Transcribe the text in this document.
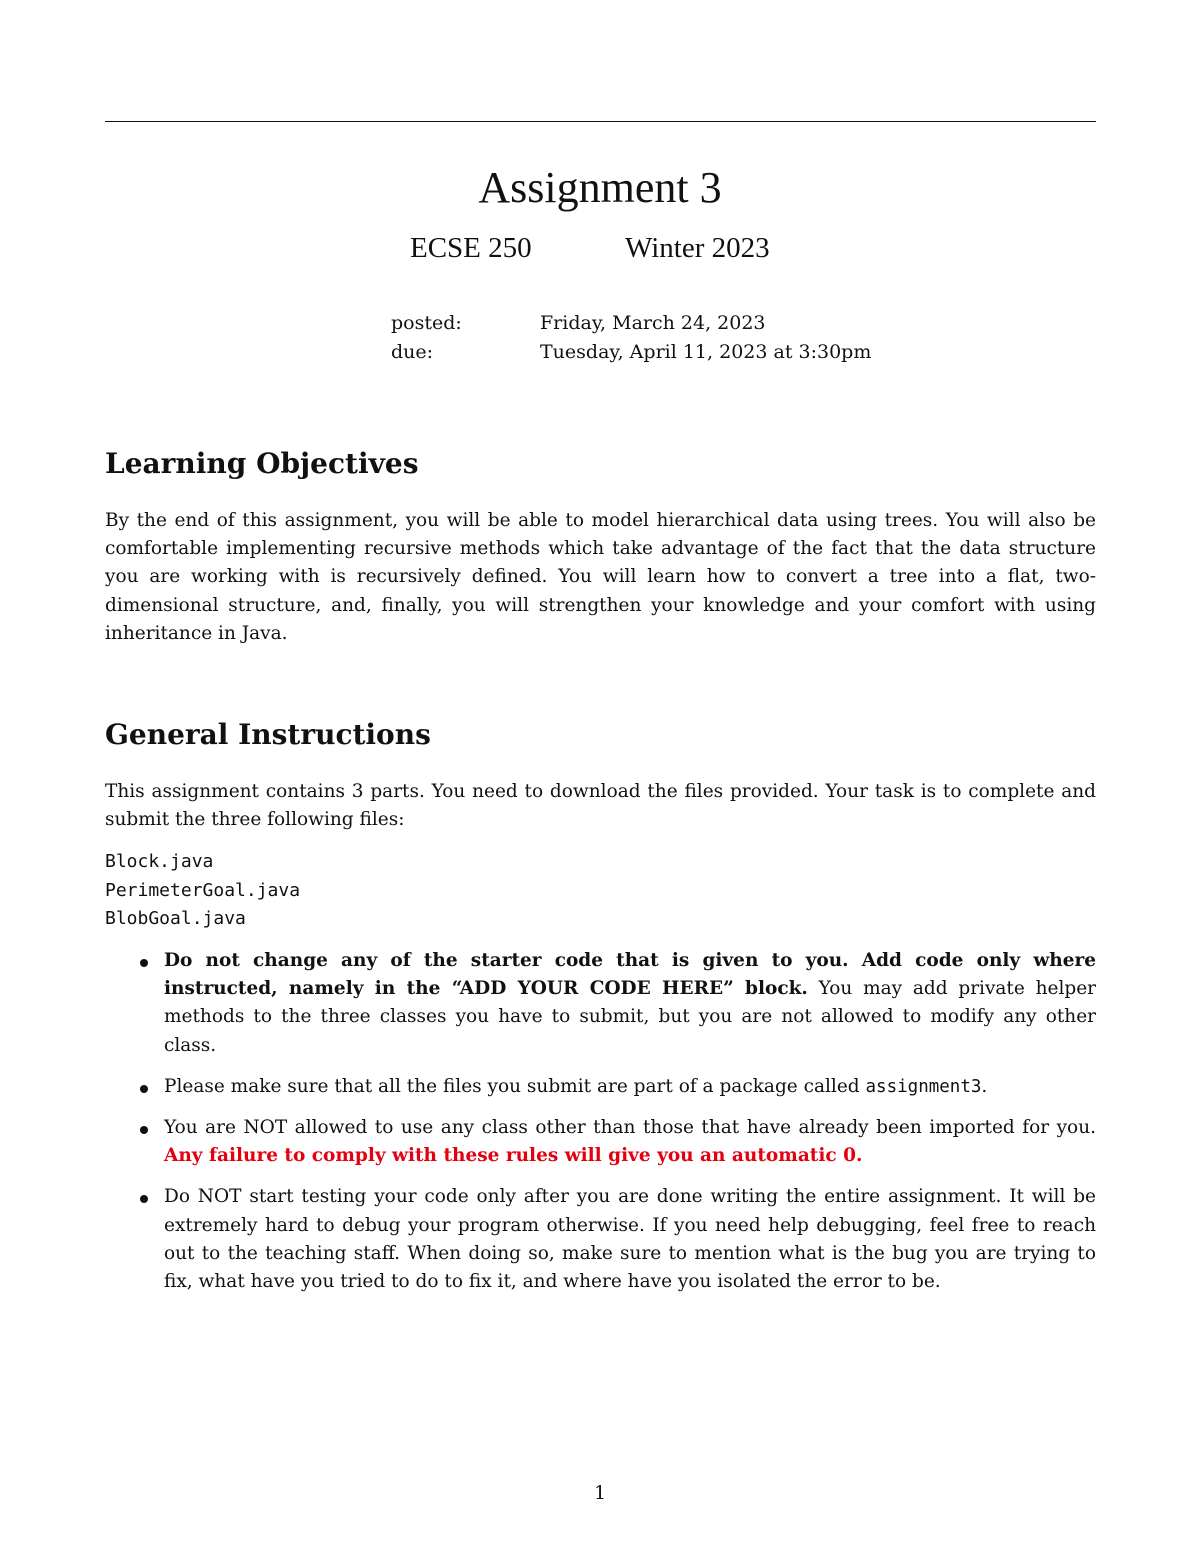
Assignment 3
ECSE 250	Winter 2023
posted:	Friday, March 24, 2023
due:	Tuesday, April 11, 2023 at 3:30pm
Learning Objectives

By the end of this assignment, you will be able to model hierarchical data using trees. You will also be comfortable implementing recursive methods which take advantage of the fact that the data structure you are working with is recursively defined. You will learn how to convert a tree into a flat, two-dimensional structure, and, finally, you will strengthen your knowledge and your comfort with using inheritance in Java.

General Instructions

This assignment contains 3 parts. You need to download the files provided. Your task is to complete and submit the three following files:

Block.java
PerimeterGoal.java
BlobGoal.java
Do not change any of the starter code that is given to you. Add code only where instructed, namely in the “ADD YOUR CODE HERE” block. You may add private helper methods to the three classes you have to submit, but you are not allowed to modify any other class.
Please make sure that all the files you submit are part of a package called assignment3.
You are NOT allowed to use any class other than those that have already been imported for you. Any failure to comply with these rules will give you an automatic 0.
Do NOT start testing your code only after you are done writing the entire assignment. It will be extremely hard to debug your program otherwise. If you need help debugging, feel free to reach out to the teaching staff. When doing so, make sure to mention what is the bug you are trying to fix, what have you tried to do to fix it, and where have you isolated the error to be.
1
